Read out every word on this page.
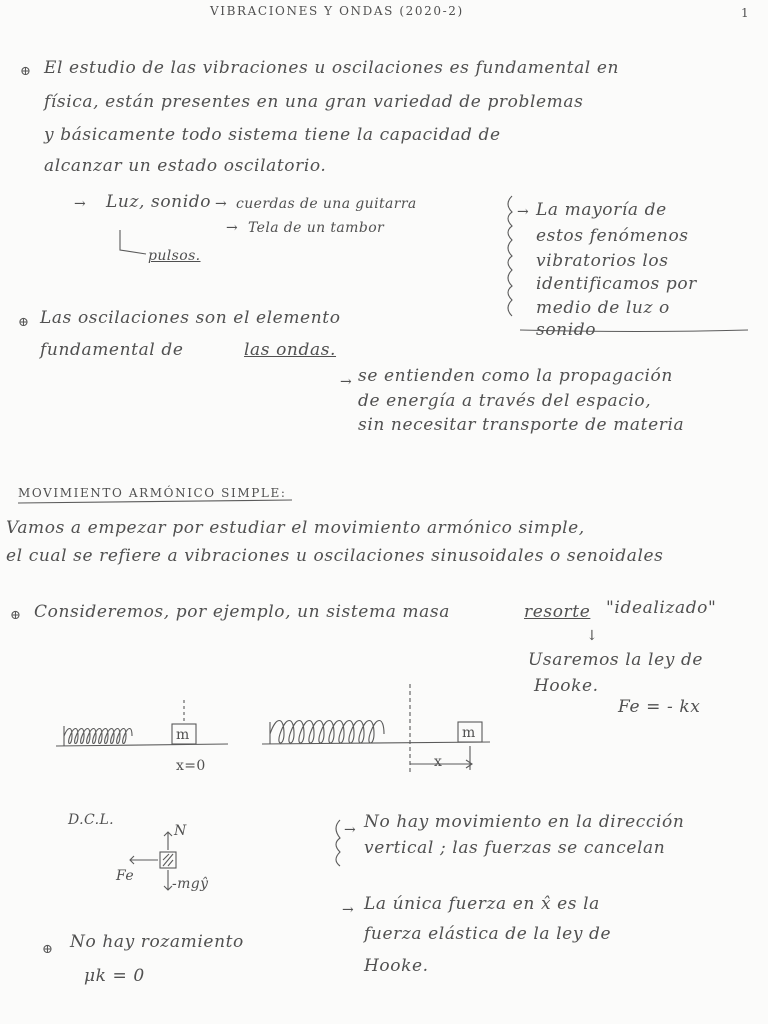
VIBRACIONES Y ONDAS (2020-2)	1
⊕ El estudio de las vibraciones u oscilaciones es fundamental en
física, están presentes en una gran variedad de problemas
y básicamente todo sistema tiene la capacidad de
alcanzar un estado oscilatorio.
→ Luz, sonido → cuerdas de una guitarra
→ Tela de un tambor
pulsos.
→ La mayoría de
estos fenómenos
vibratorios los
identificamos por
medio de luz o
sonido
⊕ Las oscilaciones son el elemento
fundamental de	las ondas.
→ se entienden como la propagación
de energía a través del espacio,
sin necesitar transporte de materia
MOVIMIENTO ARMÓNICO SIMPLE:
Vamos a empezar por estudiar el movimiento armónico simple,
el cual se refiere a vibraciones u oscilaciones sinusoidales o senoidales
⊕ Consideremos, por ejemplo, un sistema masa	resorte "idealizado"
↓
Usaremos la ley de
Hooke.
Fe = - kx
m	m
x=0	x
D.C.L.
N
Fe	-mgŷ
→ No hay movimiento en la dirección
vertical ; las fuerzas se cancelan
→ La única fuerza en x̂ es la
fuerza elástica de la ley de
Hooke.
⊕ No hay rozamiento
μk = 0
